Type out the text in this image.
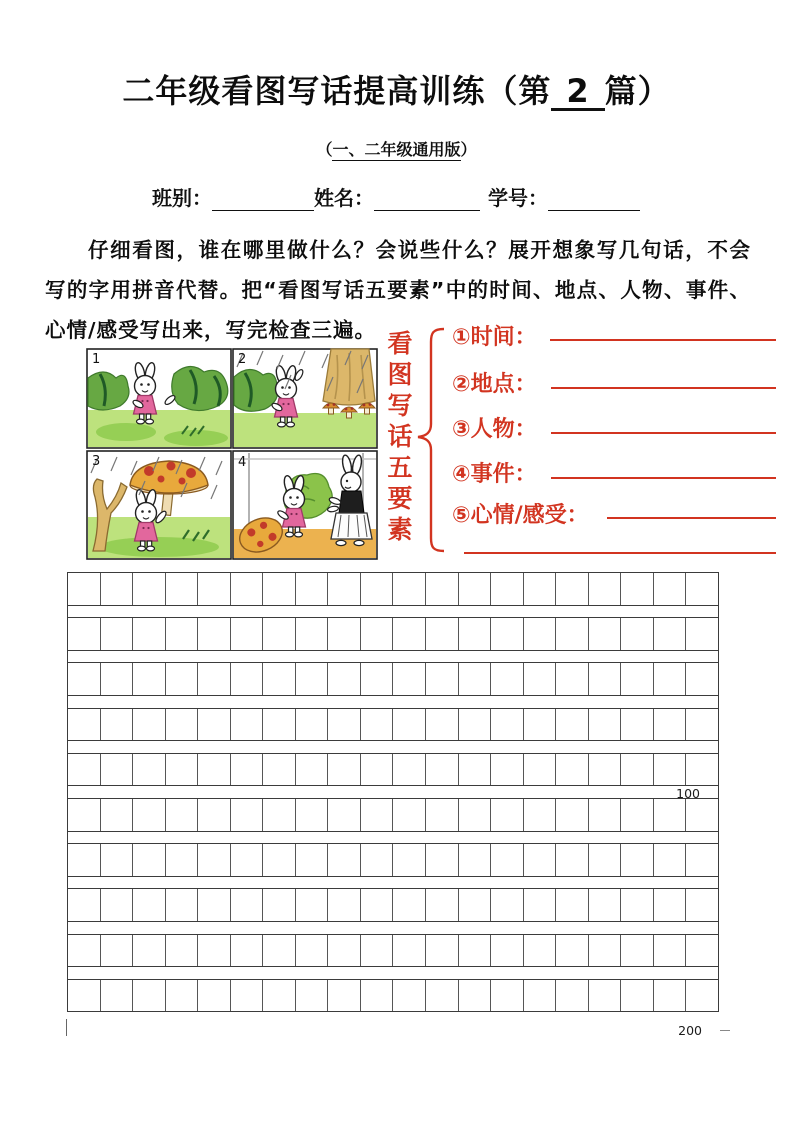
二年级看图写话提高训练（第 2 篇）
（一、二年级通用版）
班别：	姓名：	学号：

仔细看图，谁在哪里做什么？会说些什么？展开想象写几句话，不会写的字用拼音代替。把“看图写话五要素”中的时间、地点、人物、事件、心情/感受写出来，写完检查三遍。

1	2
3	4	看图写话五要素 ①时间：
②地点：
③人物：
④事件：
⑤心情/感受：
100
200
